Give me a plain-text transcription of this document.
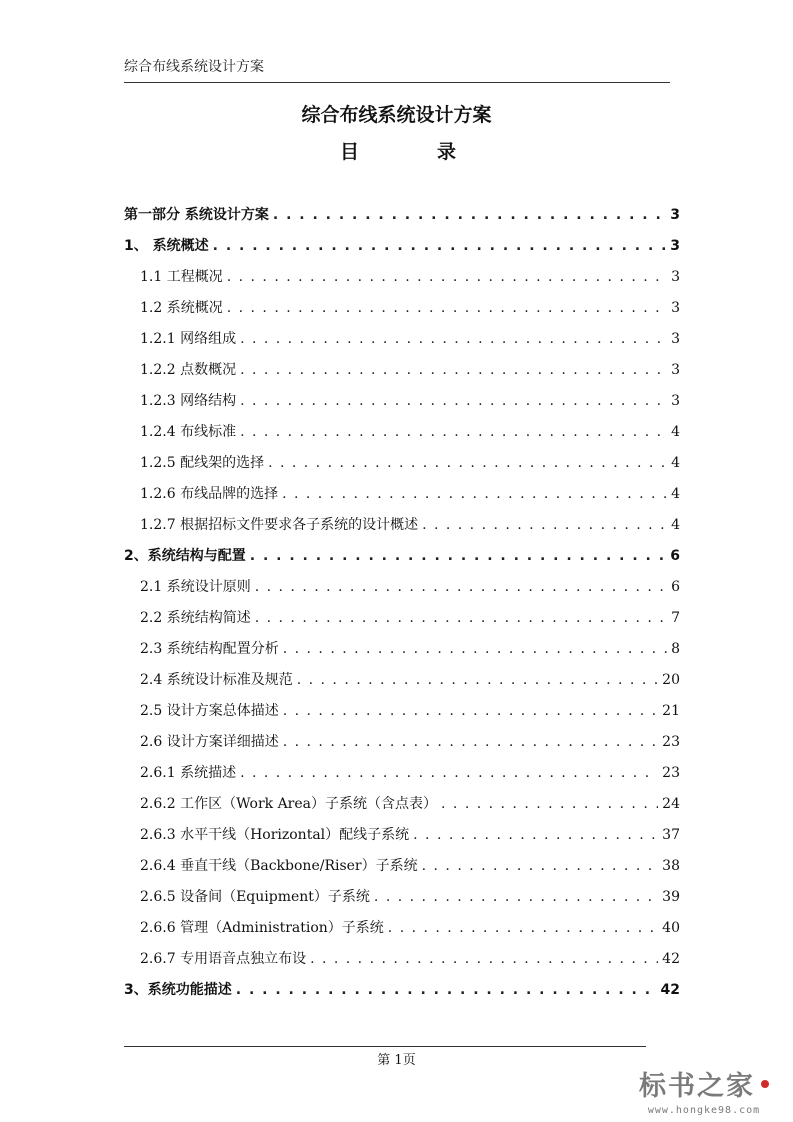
综合布线系统设计方案
综合布线系统设计方案
目	录
第一部分 系统设计方案 . . .	3
1、 系统概述 . . .	3
1.1 工程概况 . . .	3
1.2 系统概况 . . .	3
1.2.1 网络组成 . . .	3
1.2.2 点数概况 . . .	3
1.2.3 网络结构 . . .	3
1.2.4 布线标准 . . .	4
1.2.5 配线架的选择 . . .	4
1.2.6 布线品牌的选择 . . .	4
1.2.7 根据招标文件要求各子系统的设计概述 . . .	4
2、系统结构与配置 . . .	6
2.1 系统设计原则 . . .	6
2.2 系统结构简述 . . .	7
2.3 系统结构配置分析 . . .	8
2.4 系统设计标准及规范 . . .	20
2.5 设计方案总体描述 . . .	21
2.6 设计方案详细描述 . . .	23
2.6.1 系统描述 . . .	23
2.6.2 工作区（Work Area）子系统（含点表） . . .	24
2.6.3 水平干线（Horizontal）配线子系统 . . .	37
2.6.4 垂直干线（Backbone/Riser）子系统 . . .	38
2.6.5 设备间（Equipment）子系统 . . .	39
2.6.6 管理（Administration）子系统 . . .	40
2.6.7 专用语音点独立布设 . . .	42
3、系统功能描述 . . .	42
第 1页
标书之家
www.hongke98.com
